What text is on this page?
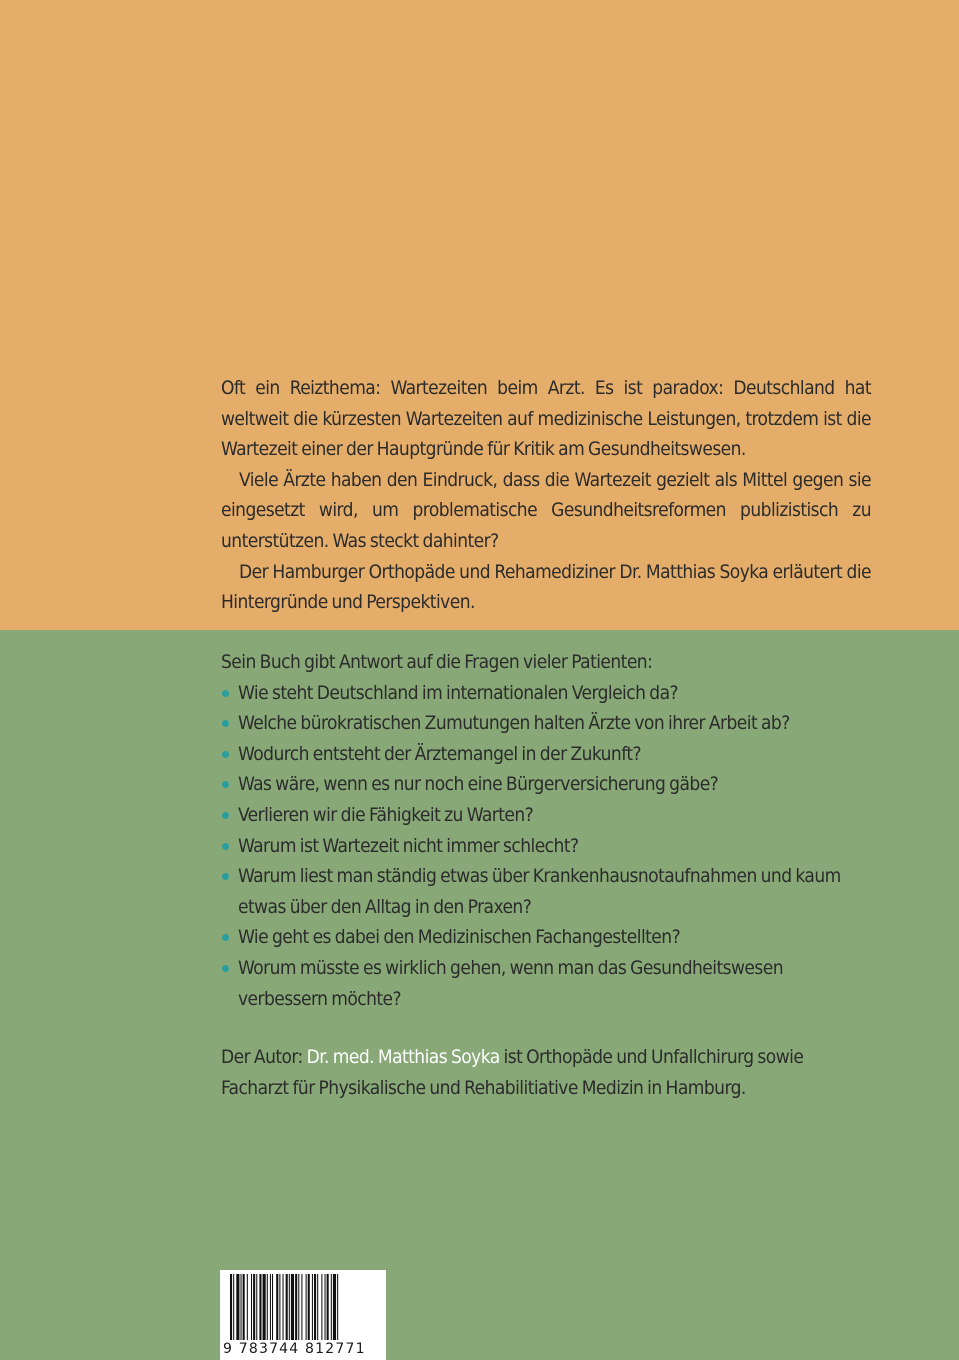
Oft ein Reizthema: Wartezeiten beim Arzt. Es ist paradox: Deutschland hat weltweit die kürzesten Wartezeiten auf medizinische Leistungen, trotzdem ist die Wartezeit einer der Hauptgründe für Kritik am Gesundheitswesen.

Viele Ärzte haben den Eindruck, dass die Wartezeit gezielt als Mittel gegen sie eingesetzt wird, um problematische Gesundheitsreformen publizistisch zu unterstützen. Was steckt dahinter?

Der Hamburger Orthopäde und Rehamediziner Dr. Matthias Soyka erläutert die Hintergründe und Perspektiven.

Sein Buch gibt Antwort auf die Fragen vieler Patienten:

Wie steht Deutschland im internationalen Vergleich da?
Welche bürokratischen Zumutungen halten Ärzte von ihrer Arbeit ab?
Wodurch entsteht der Ärztemangel in der Zukunft?
Was wäre, wenn es nur noch eine Bürgerversicherung gäbe?
Verlieren wir die Fähigkeit zu Warten?
Warum ist Wartezeit nicht immer schlecht?
Warum liest man ständig etwas über Krankenhausnotaufnahmen und kaum etwas über den Alltag in den Praxen?
Wie geht es dabei den Medizinischen Fachangestellten?
Worum müsste es wirklich gehen, wenn man das Gesundheitswesen verbessern möchte?

Der Autor: Dr. med. Matthias Soyka ist Orthopäde und Unfallchirurg sowie Facharzt für Physikalische und Rehabilitiative Medizin in Hamburg.

9 783744 812771
